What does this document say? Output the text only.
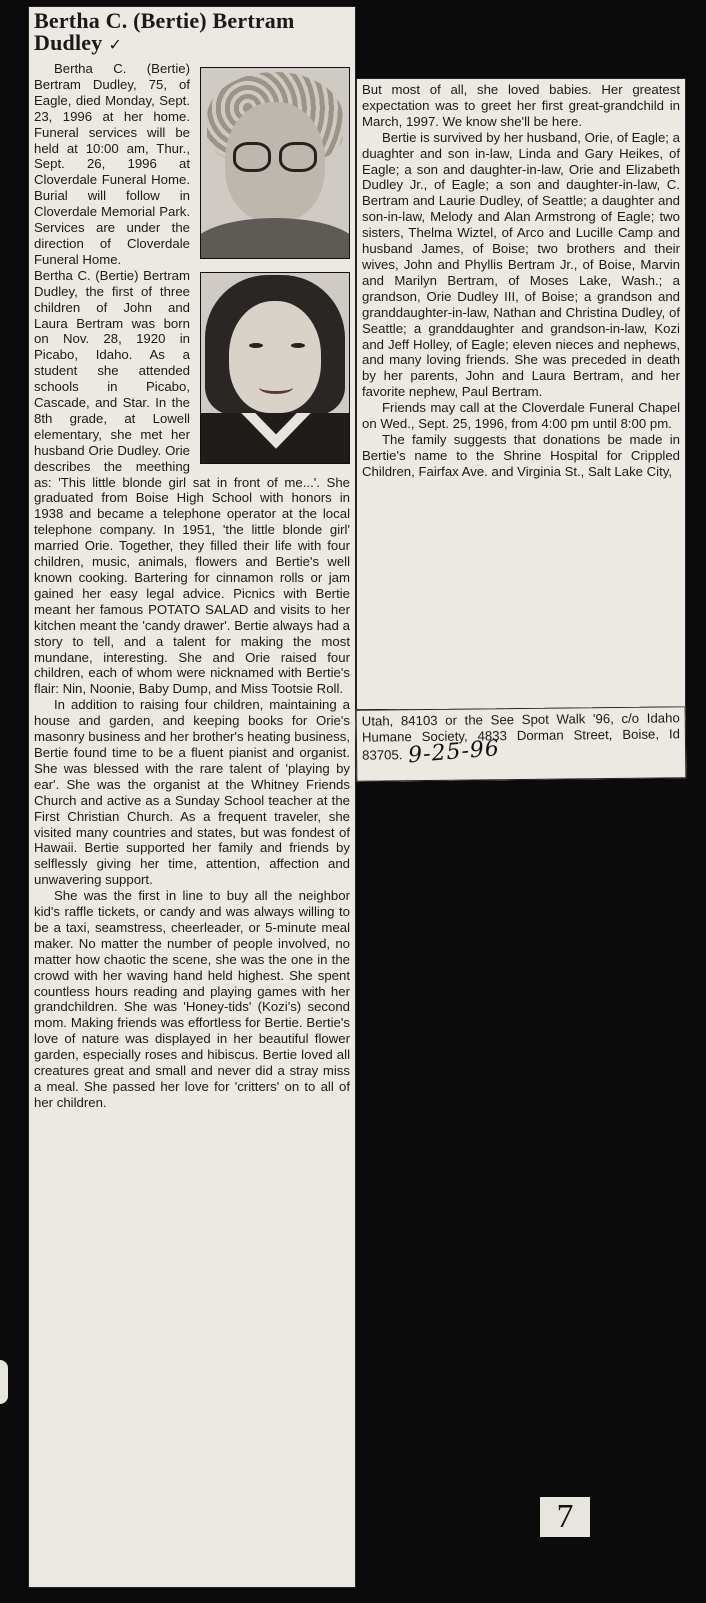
Bertha C. (Bertie) Bertram Dudley ✓

Bertha C. (Bertie) Bertram Dudley, 75, of Eagle, died Monday, Sept. 23, 1996 at her home. Funeral services will be held at 10:00 am, Thur., Sept. 26, 1996 at Cloverdale Funeral Home. Burial will follow in Cloverdale Memorial Park. Services are under the direction of Cloverdale Funeral Home.

Bertha C. (Bertie) Bertram Dudley, the first of three children of John and Laura Bertram was born on Nov. 28, 1920 in Picabo, Idaho. As a student she attended schools in Picabo, Cascade, and Star. In the 8th grade, at Lowell elementary, she met her husband Orie Dudley. Orie describes the meething as: 'This little blonde girl sat in front of me...'. She graduated from Boise High School with honors in 1938 and became a telephone operator at the local telephone company. In 1951, 'the little blonde girl' married Orie. Together, they filled their life with four children, music, animals, flowers and Bertie's well known cooking. Bartering for cinnamon rolls or jam gained her easy legal advice. Picnics with Bertie meant her famous POTATO SALAD and visits to her kitchen meant the 'candy drawer'. Bertie always had a story to tell, and a talent for making the most mundane, interesting. She and Orie raised four children, each of whom were nicknamed with Bertie's flair: Nin, Noonie, Baby Dump, and Miss Tootsie Roll.

In addition to raising four children, maintaining a house and garden, and keeping books for Orie's masonry business and her brother's heating business, Bertie found time to be a fluent pianist and organist. She was blessed with the rare talent of 'playing by ear'. She was the organist at the Whitney Friends Church and active as a Sunday School teacher at the First Christian Church. As a frequent traveler, she visited many countries and states, but was fondest of Hawaii. Bertie supported her family and friends by selflessly giving her time, attention, affection and unwavering support.

She was the first in line to buy all the neighbor kid's raffle tickets, or candy and was always willing to be a taxi, seamstress, cheerleader, or 5-minute meal maker. No matter the number of people involved, no matter how chaotic the scene, she was the one in the crowd with her waving hand held highest. She spent countless hours reading and playing games with her grandchildren. She was 'Honey-tids' (Kozi's) second mom. Making friends was effortless for Bertie. Bertie's love of nature was displayed in her beautiful flower garden, especially roses and hibiscus. Bertie loved all creatures great and small and never did a stray miss a meal. She passed her love for 'critters' on to all of her children.

But most of all, she loved babies. Her greatest expectation was to greet her first great-grandchild in March, 1997. We know she'll be here.

Bertie is survived by her husband, Orie, of Eagle; a duaghter and son in-law, Linda and Gary Heikes, of Eagle; a son and daughter-in-law, Orie and Elizabeth Dudley Jr., of Eagle; a son and daughter-in-law, C. Bertram and Laurie Dudley, of Seattle; a daughter and son-in-law, Melody and Alan Armstrong of Eagle; two sisters, Thelma Wiztel, of Arco and Lucille Camp and husband James, of Boise; two brothers and their wives, John and Phyllis Bertram Jr., of Boise, Marvin and Marilyn Bertram, of Moses Lake, Wash.; a grandson, Orie Dudley III, of Boise; a grandson and granddaughter-in-law, Nathan and Christina Dudley, of Seattle; a granddaughter and grandson-in-law, Kozi and Jeff Holley, of Eagle; eleven nieces and nephews, and many loving friends. She was preceded in death by her parents, John and Laura Bertram, and her favorite nephew, Paul Bertram.

Friends may call at the Cloverdale Funeral Chapel on Wed., Sept. 25, 1996, from 4:00 pm until 8:00 pm.

The family suggests that donations be made in Bertie's name to the Shrine Hospital for Crippled Children, Fairfax Ave. and Virginia St., Salt Lake City,

Utah, 84103 or the See Spot Walk '96, c/o Idaho Humane Society, 4833 Dorman Street, Boise, Id 83705. 9-25-96

7
